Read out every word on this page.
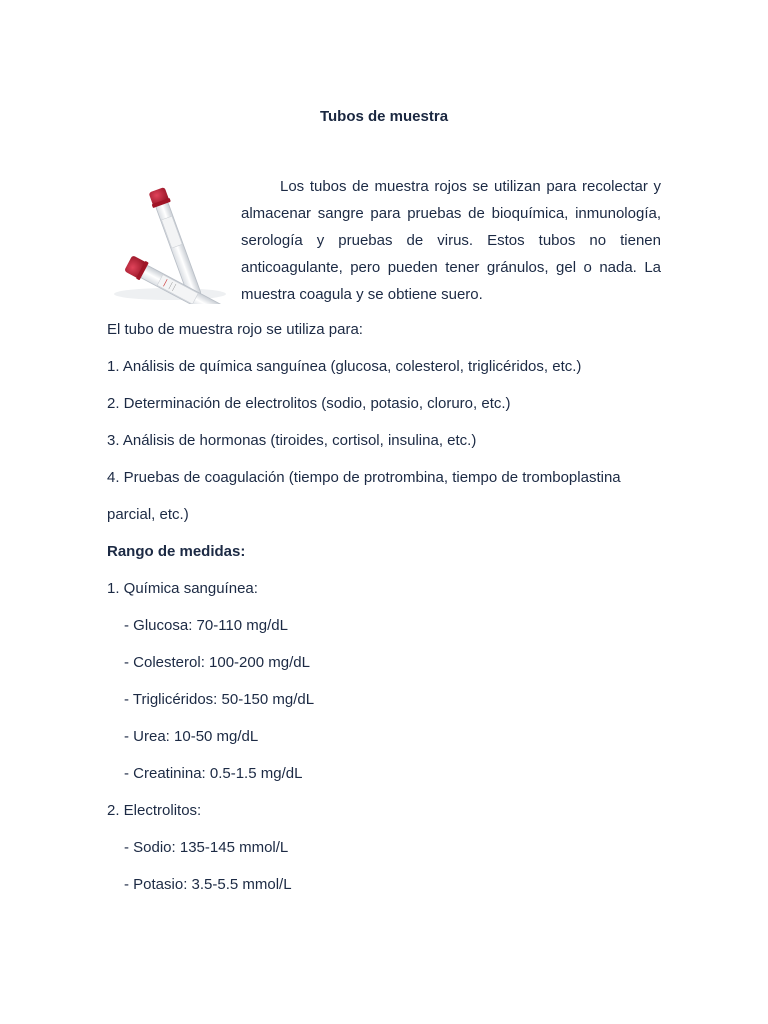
Tubos de muestra
Los tubos de muestra rojos se utilizan para recolectar y almacenar sangre para pruebas de bioquímica, inmunología, serología y pruebas de virus. Estos tubos no tienen anticoagulante, pero pueden tener gránulos, gel o nada. La muestra coagula y se obtiene suero.
El tubo de muestra rojo se utiliza para:
1. Análisis de química sanguínea (glucosa, colesterol, triglicéridos, etc.)
2. Determinación de electrolitos (sodio, potasio, cloruro, etc.)
3. Análisis de hormonas (tiroides, cortisol, insulina, etc.)
4. Pruebas de coagulación (tiempo de protrombina, tiempo de tromboplastina
parcial, etc.)
Rango de medidas:
1. Química sanguínea:
- Glucosa: 70-110 mg/dL
- Colesterol: 100-200 mg/dL
- Triglicéridos: 50-150 mg/dL
- Urea: 10-50 mg/dL
- Creatinina: 0.5-1.5 mg/dL
2. Electrolitos:
- Sodio: 135-145 mmol/L
- Potasio: 3.5-5.5 mmol/L
